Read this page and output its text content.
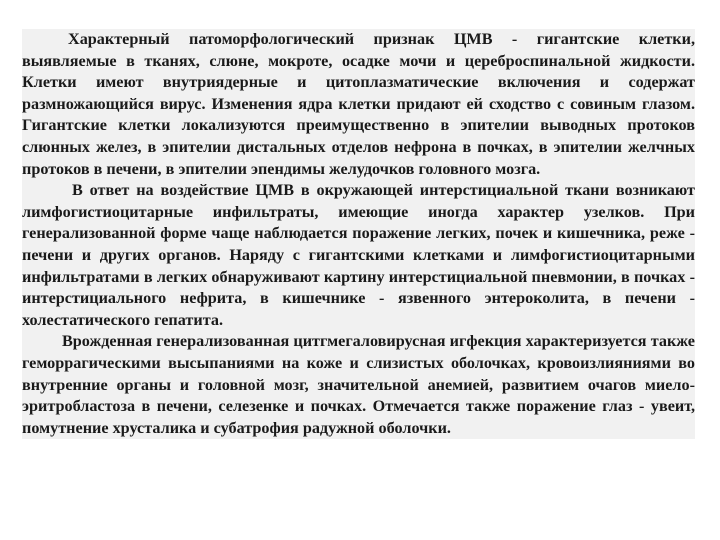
Характерный патоморфологический признак ЦМВ - гигантские клетки, выявляемые в тканях, слюне, мокроте, осадке мочи и цереброспинальной жидкости. Клетки имеют внутриядерные и цитоплазматические включения и содержат размножающийся вирус. Изменения ядра клетки придают ей сходство с совиным глазом. Гигантские клетки локализуются преимущественно в эпителии выводных протоков слюнных желез, в эпителии дистальных отделов нефрона в почках, в эпителии желчных протоков в печени, в эпителии эпендимы желудочков головного мозга.

В ответ на воздействие ЦМВ в окружающей интерстициальной ткани возникают лимфогистиоцитарные инфильтраты, имеющие иногда характер узелков. При генерализованной форме чаще наблюдается поражение легких, почек и кишечника, реже - печени и других органов. Наряду с гигантскими клетками и лимфогистиоцитарными инфильтратами в легких обнаруживают картину интерстициальной пневмонии, в почках - интерстициального нефрита, в кишечнике - язвенного энтероколита, в печени - холестатического гепатита.

Врожденная генерализованная цитгмегаловирусная игфекция характеризуется также геморрагическими высыпаниями на коже и слизистых оболочках, кровоизлияниями во внутренние органы и головной мозг, значительной анемией, развитием очагов миело-эритробластоза в печени, селезенке и почках. Отмечается также поражение глаз - увеит, помутнение хрусталика и субатрофия радужной оболочки.
